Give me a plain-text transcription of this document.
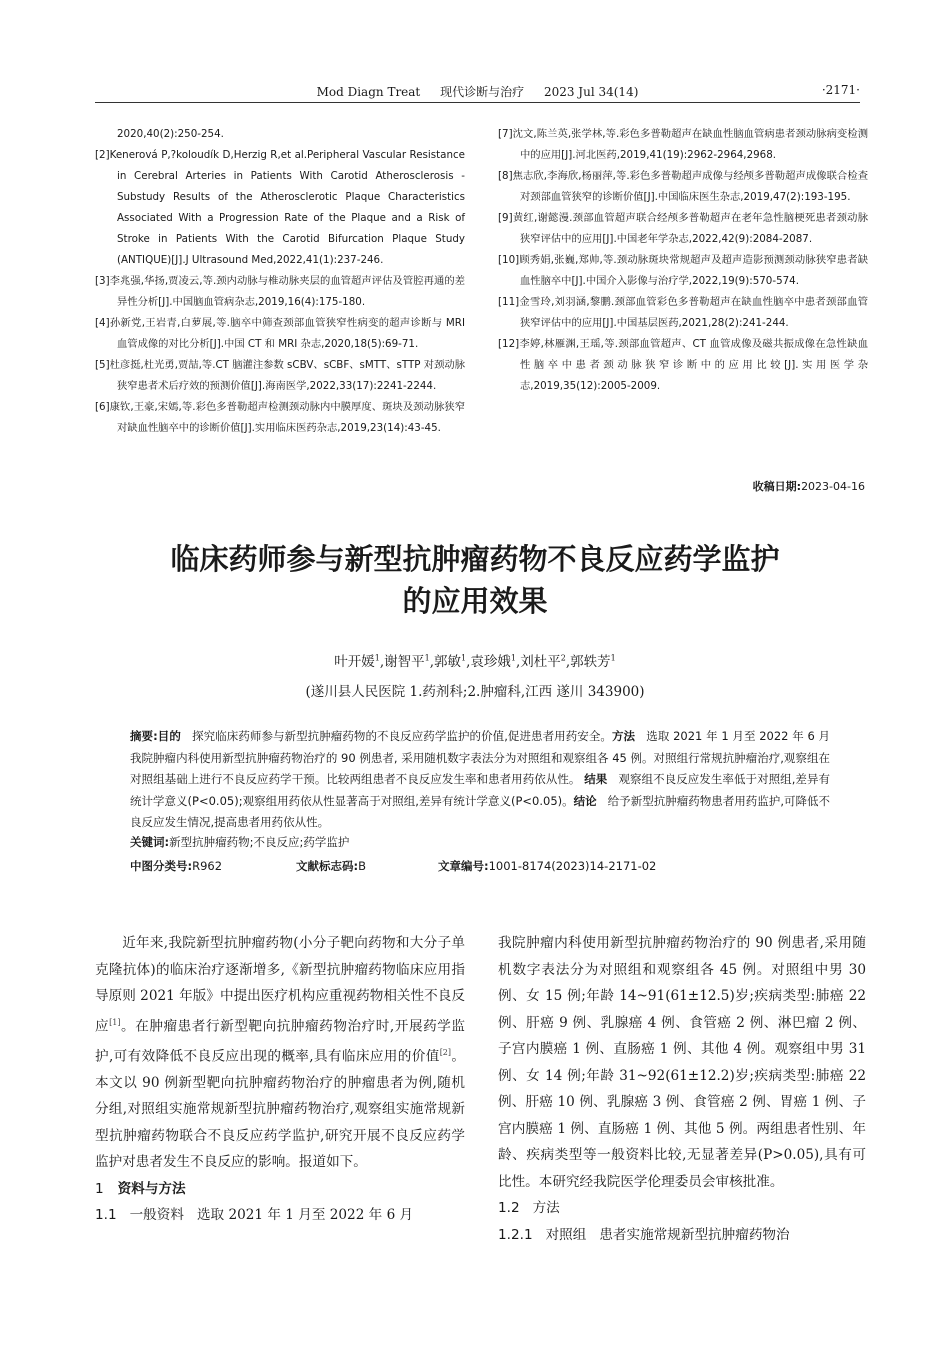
Mod Diagn Treat 现代诊断与治疗 2023 Jul 34(14)	·2171·
2020,40(2):250-254.
[2]Kenerová P,?koloudík D,Herzig R,et al.Peripheral Vascular Resistance in Cerebral Arteries in Patients With Carotid Atherosclerosis - Substudy Results of the Atherosclerotic Plaque Characteristics Associated With a Progression Rate of the Plaque and a Risk of Stroke in Patients With the Carotid Bifurcation Plaque Study (ANTIQUE)[J].J Ultrasound Med,2022,41(1):237-246.
[3]李兆强,华扬,贾凌云,等.颈内动脉与椎动脉夹层的血管超声评估及管腔再通的差异性分析[J].中国脑血管病杂志,2019,16(4):175-180.
[4]孙新党,王岩青,白萝展,等.脑卒中筛查颈部血管狭窄性病变的超声诊断与 MRI 血管成像的对比分析[J].中国 CT 和 MRI 杂志,2020,18(5):69-71.
[5]杜彦挺,杜光勇,贾喆,等.CT 脑灌注参数 sCBV、sCBF、sMTT、sTTP 对颈动脉狭窄患者术后疗效的预测价值[J].海南医学,2022,33(17):2241-2244.
[6]康钦,王豪,宋嫣,等.彩色多普勒超声检测颈动脉内中膜厚度、斑块及颈动脉狭窄对缺血性脑卒中的诊断价值[J].实用临床医药杂志,2019,23(14):43-45.
[7]沈文,陈兰英,张学林,等.彩色多普勒超声在缺血性脑血管病患者颈动脉病变检测中的应用[J].河北医药,2019,41(19):2962-2964,2968.
[8]焦志欣,李海欣,杨丽萍,等.彩色多普勒超声成像与经颅多普勒超声成像联合检查对颈部血管狭窄的诊断价值[J].中国临床医生杂志,2019,47(2):193-195.
[9]黄红,谢懿漫.颈部血管超声联合经颅多普勒超声在老年急性脑梗死患者颈动脉狭窄评估中的应用[J].中国老年学杂志,2022,42(9):2084-2087.
[10]顾秀娟,张巍,郑帅,等.颈动脉斑块常规超声及超声造影预测颈动脉狭窄患者缺血性脑卒中[J].中国介入影像与治疗学,2022,19(9):570-574.
[11]金雪玲,刘羽涵,黎鹏.颈部血管彩色多普勒超声在缺血性脑卒中患者颈部血管狭窄评估中的应用[J].中国基层医药,2021,28(2):241-244.
[12]李婷,林雁渊,王瑶,等.颈部血管超声、CT 血管成像及磁共振成像在急性缺血性脑卒中患者颈动脉狭窄诊断中的应用比较[J].实用医学杂志,2019,35(12):2005-2009.
收稿日期:2023-04-16
临床药师参与新型抗肿瘤药物不良反应药学监护
的应用效果
叶开媛$^1$,谢智平$^1$,郭敏$^1$,袁珍娥$^1$,刘杜平$^2$,郭轶芳$^1$
(遂川县人民医院 1.药剂科;2.肿瘤科,江西 遂川 343900)
摘要:目的 探究临床药师参与新型抗肿瘤药物的不良反应药学监护的价值,促进患者用药安全。方法 选取 2021 年 1 月至 2022 年 6 月我院肿瘤内科使用新型抗肿瘤药物治疗的 90 例患者, 采用随机数字表法分为对照组和观察组各 45 例。对照组行常规抗肿瘤治疗,观察组在对照组基础上进行不良反应药学干预。比较两组患者不良反应发生率和患者用药依从性。 结果 观察组不良反应发生率低于对照组,差异有统计学意义(P<0.05);观察组用药依从性显著高于对照组,差异有统计学意义(P<0.05)。结论 给予新型抗肿瘤药物患者用药监护,可降低不良反应发生情况,提高患者用药依从性。
关键词:新型抗肿瘤药物;不良反应;药学监护
中图分类号:R962	文献标志码:B	文章编号:1001-8174(2023)14-2171-02

近年来,我院新型抗肿瘤药物(小分子靶向药物和大分子单克隆抗体)的临床治疗逐渐增多,《新型抗肿瘤药物临床应用指导原则 2021 年版》中提出医疗机构应重视药物相关性不良反应[1]。在肿瘤患者行新型靶向抗肿瘤药物治疗时,开展药学监护,可有效降低不良反应出现的概率,具有临床应用的价值[2]。本文以 90 例新型靶向抗肿瘤药物治疗的肿瘤患者为例,随机分组,对照组实施常规新型抗肿瘤药物治疗,观察组实施常规新型抗肿瘤药物联合不良反应药学监护,研究开展不良反应药学监护对患者发生不良反应的影响。报道如下。

1 资料与方法

1.1 一般资料 选取 2021 年 1 月至 2022 年 6 月

我院肿瘤内科使用新型抗肿瘤药物治疗的 90 例患者,采用随机数字表法分为对照组和观察组各 45 例。对照组中男 30 例、女 15 例;年龄 14~91(61±12.5)岁;疾病类型:肺癌 22 例、肝癌 9 例、乳腺癌 4 例、食管癌 2 例、淋巴瘤 2 例、子宫内膜癌 1 例、直肠癌 1 例、其他 4 例。观察组中男 31 例、女 14 例;年龄 31~92(61±12.2)岁;疾病类型:肺癌 22 例、肝癌 10 例、乳腺癌 3 例、食管癌 2 例、胃癌 1 例、子宫内膜癌 1 例、直肠癌 1 例、其他 5 例。两组患者性别、年龄、疾病类型等一般资料比较,无显著差异(P>0.05),具有可比性。本研究经我院医学伦理委员会审核批准。

1.2 方法

1.2.1 对照组 患者实施常规新型抗肿瘤药物治
